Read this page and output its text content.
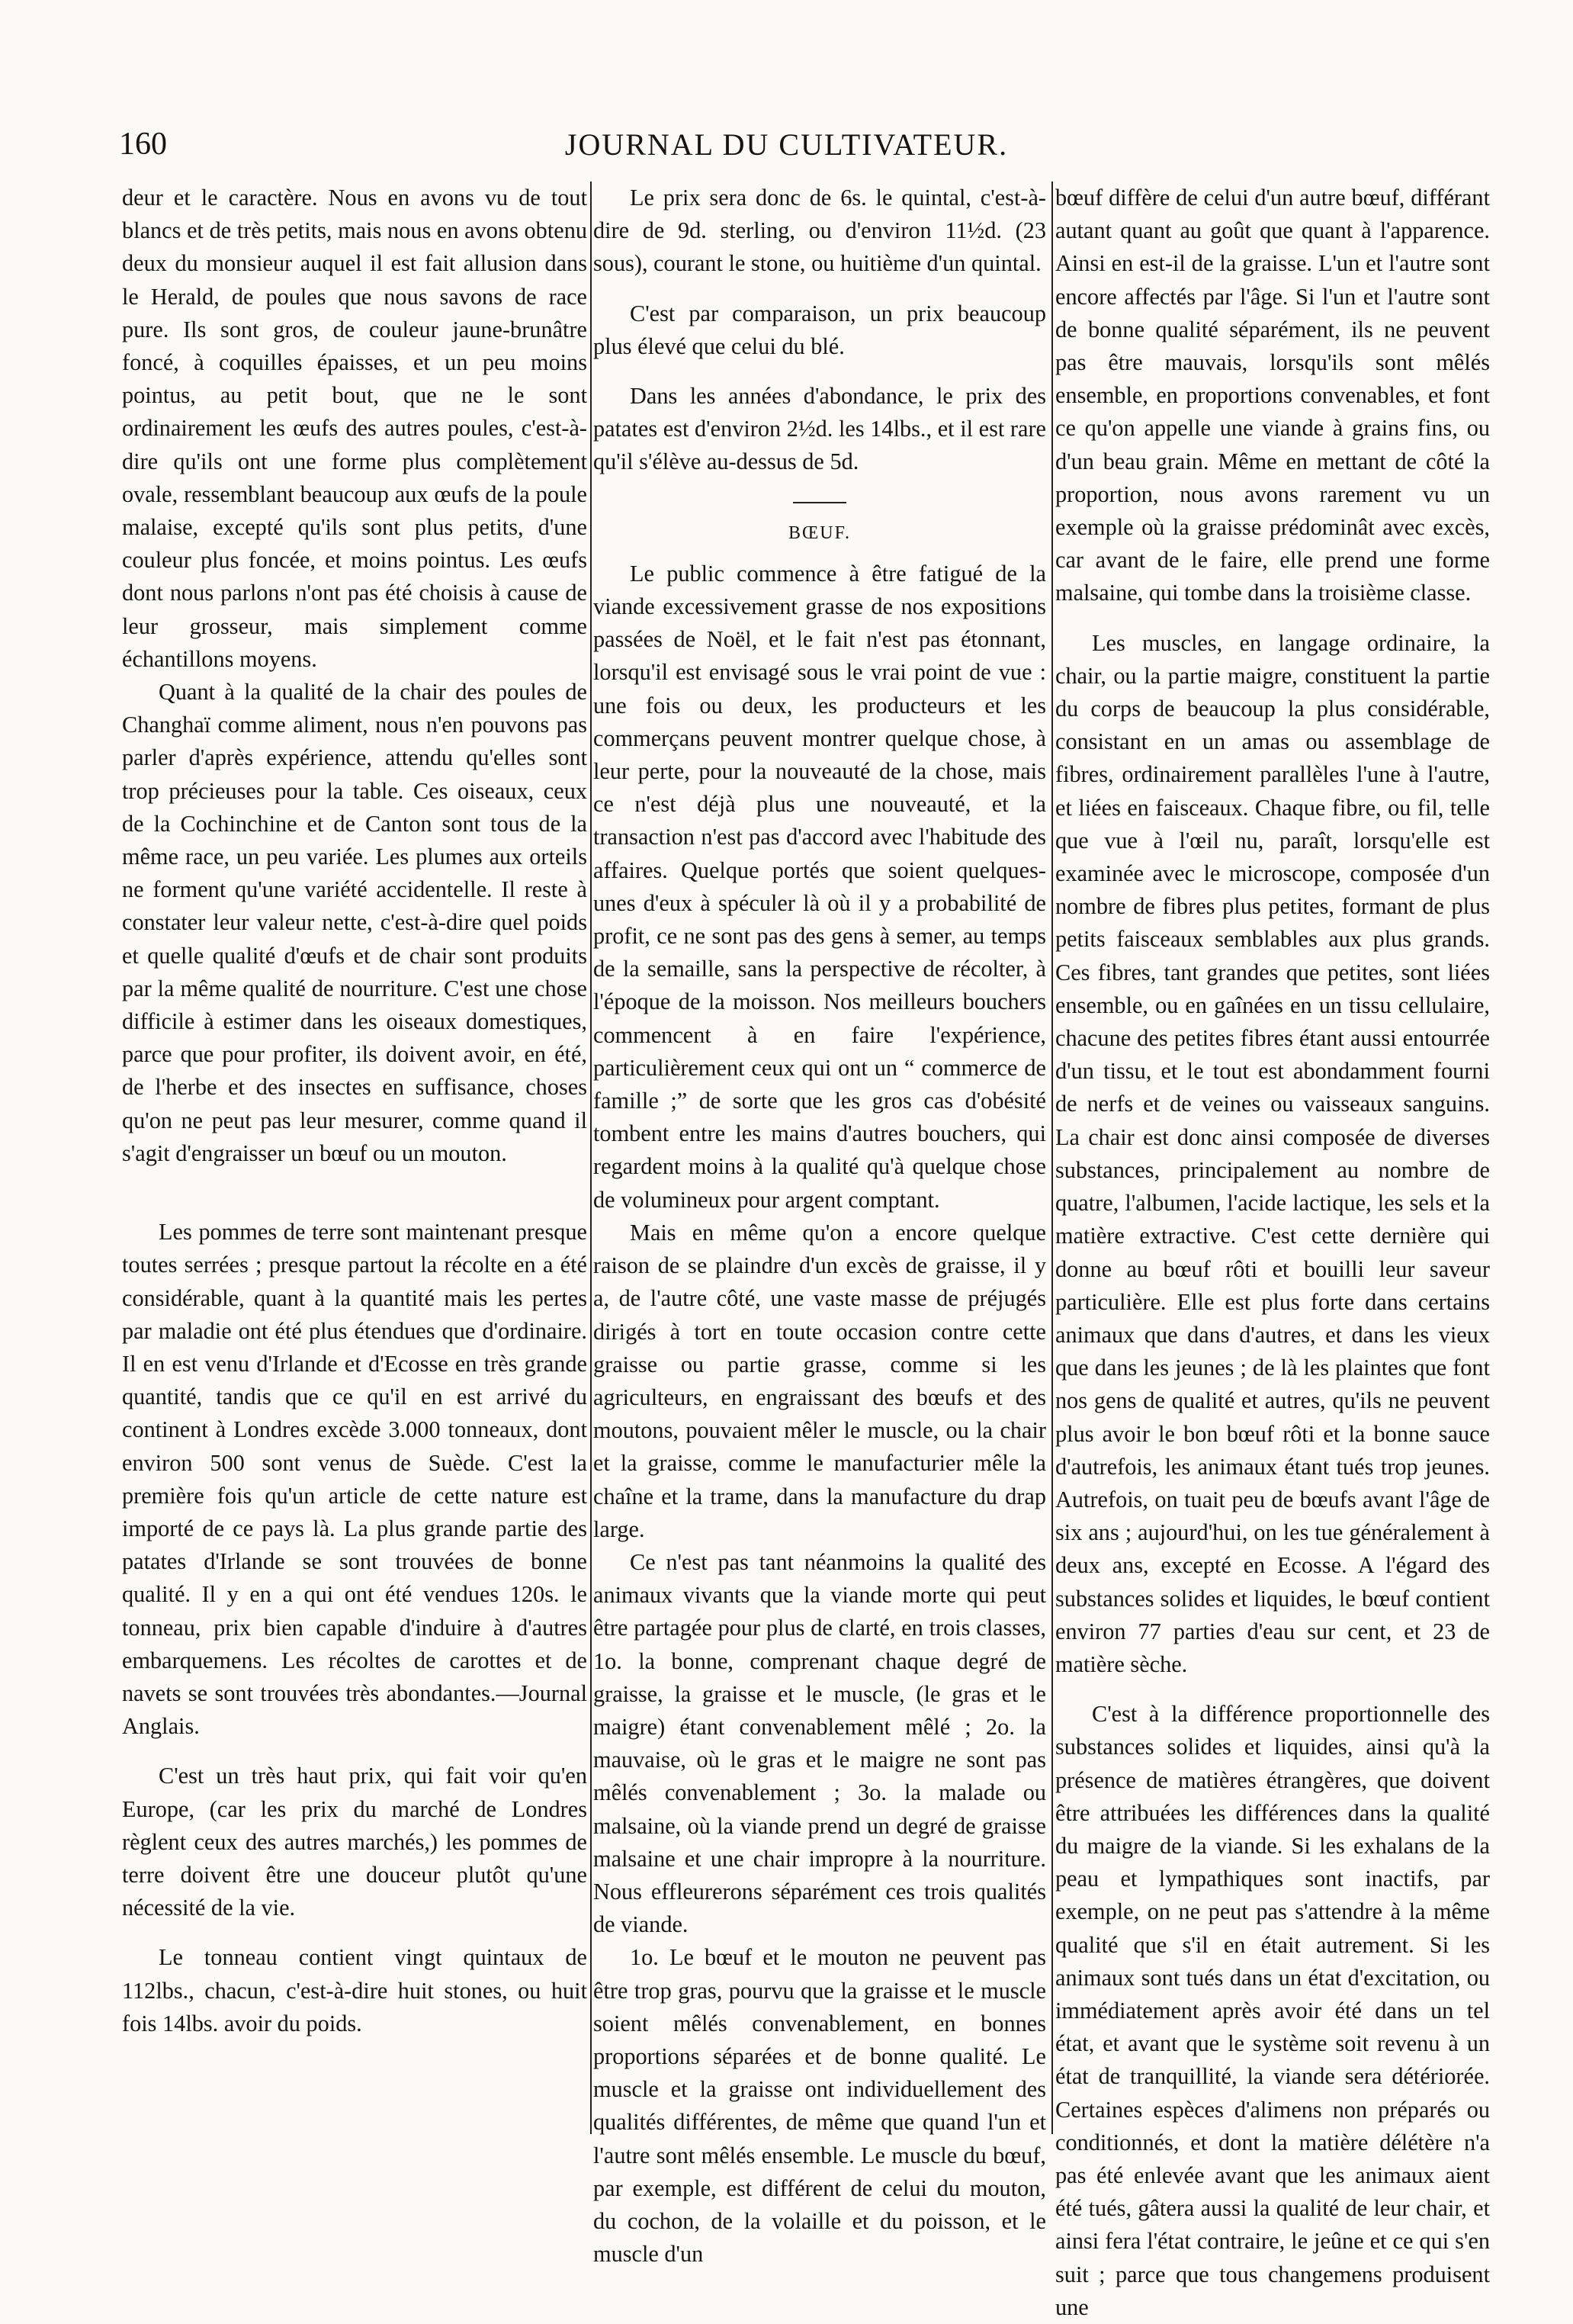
160	JOURNAL DU CULTIVATEUR.

deur et le caractère. Nous en avons vu de tout blancs et de très petits, mais nous en avons obtenu deux du monsieur auquel il est fait allusion dans le Herald, de poules que nous savons de race pure. Ils sont gros, de couleur jaune-brunâtre foncé, à coquilles épaisses, et un peu moins pointus, au petit bout, que ne le sont ordinairement les œufs des autres poules, c'est-à-dire qu'ils ont une forme plus complètement ovale, ressemblant beaucoup aux œufs de la poule malaise, excepté qu'ils sont plus petits, d'une couleur plus foncée, et moins pointus. Les œufs dont nous parlons n'ont pas été choisis à cause de leur grosseur, mais simplement comme échantillons moyens.

Quant à la qualité de la chair des poules de Changhaï comme aliment, nous n'en pouvons pas parler d'après expérience, attendu qu'elles sont trop précieuses pour la table. Ces oiseaux, ceux de la Cochinchine et de Canton sont tous de la même race, un peu variée. Les plumes aux orteils ne forment qu'une variété accidentelle. Il reste à constater leur valeur nette, c'est-à-dire quel poids et quelle qualité d'œufs et de chair sont produits par la même qualité de nourriture. C'est une chose difficile à estimer dans les oiseaux domestiques, parce que pour profiter, ils doivent avoir, en été, de l'herbe et des insectes en suffisance, choses qu'on ne peut pas leur mesurer, comme quand il s'agit d'engraisser un bœuf ou un mouton.

Les pommes de terre sont maintenant presque toutes serrées ; presque partout la récolte en a été considérable, quant à la quantité mais les pertes par maladie ont été plus étendues que d'ordinaire. Il en est venu d'Irlande et d'Ecosse en très grande quantité, tandis que ce qu'il en est arrivé du continent à Londres excède 3.000 tonneaux, dont environ 500 sont venus de Suède. C'est la première fois qu'un article de cette nature est importé de ce pays là. La plus grande partie des patates d'Irlande se sont trouvées de bonne qualité. Il y en a qui ont été vendues 120s. le tonneau, prix bien capable d'induire à d'autres embarquemens. Les récoltes de carottes et de navets se sont trouvées très abondantes.—Journal Anglais.

C'est un très haut prix, qui fait voir qu'en Europe, (car les prix du marché de Londres règlent ceux des autres marchés,) les pommes de terre doivent être une douceur plutôt qu'une nécessité de la vie.

Le tonneau contient vingt quintaux de 112lbs., chacun, c'est-à-dire huit stones, ou huit fois 14lbs. avoir du poids.

Le prix sera donc de 6s. le quintal, c'est-à-dire de 9d. sterling, ou d'environ 11½d. (23 sous), courant le stone, ou huitième d'un quintal.

C'est par comparaison, un prix beaucoup plus élevé que celui du blé.

Dans les années d'abondance, le prix des patates est d'environ 2½d. les 14lbs., et il est rare qu'il s'élève au-dessus de 5d.

BŒUF.

Le public commence à être fatigué de la viande excessivement grasse de nos expositions passées de Noël, et le fait n'est pas étonnant, lorsqu'il est envisagé sous le vrai point de vue : une fois ou deux, les producteurs et les commerçans peuvent montrer quelque chose, à leur perte, pour la nouveauté de la chose, mais ce n'est déjà plus une nouveauté, et la transaction n'est pas d'accord avec l'habitude des affaires. Quelque portés que soient quelques-unes d'eux à spéculer là où il y a probabilité de profit, ce ne sont pas des gens à semer, au temps de la semaille, sans la perspective de récolter, à l'époque de la moisson. Nos meilleurs bouchers commencent à en faire l'expérience, particulièrement ceux qui ont un “ commerce de famille ;” de sorte que les gros cas d'obésité tombent entre les mains d'autres bouchers, qui regardent moins à la qualité qu'à quelque chose de volumineux pour argent comptant.

Mais en même qu'on a encore quelque raison de se plaindre d'un excès de graisse, il y a, de l'autre côté, une vaste masse de préjugés dirigés à tort en toute occasion contre cette graisse ou partie grasse, comme si les agriculteurs, en engraissant des bœufs et des moutons, pouvaient mêler le muscle, ou la chair et la graisse, comme le manufacturier mêle la chaîne et la trame, dans la manufacture du drap large.

Ce n'est pas tant néanmoins la qualité des animaux vivants que la viande morte qui peut être partagée pour plus de clarté, en trois classes, 1o. la bonne, comprenant chaque degré de graisse, la graisse et le muscle, (le gras et le maigre) étant convenablement mêlé ; 2o. la mauvaise, où le gras et le maigre ne sont pas mêlés convenablement ; 3o. la malade ou malsaine, où la viande prend un degré de graisse malsaine et une chair impropre à la nourriture. Nous effleurerons séparément ces trois qualités de viande.

1o. Le bœuf et le mouton ne peuvent pas être trop gras, pourvu que la graisse et le muscle soient mêlés convenablement, en bonnes proportions séparées et de bonne qualité. Le muscle et la graisse ont individuellement des qualités différentes, de même que quand l'un et l'autre sont mêlés ensemble. Le muscle du bœuf, par exemple, est différent de celui du mouton, du cochon, de la volaille et du poisson, et le muscle d'un

bœuf diffère de celui d'un autre bœuf, différant autant quant au goût que quant à l'apparence. Ainsi en est-il de la graisse. L'un et l'autre sont encore affectés par l'âge. Si l'un et l'autre sont de bonne qualité séparément, ils ne peuvent pas être mauvais, lorsqu'ils sont mêlés ensemble, en proportions convenables, et font ce qu'on appelle une viande à grains fins, ou d'un beau grain. Même en mettant de côté la proportion, nous avons rarement vu un exemple où la graisse prédominât avec excès, car avant de le faire, elle prend une forme malsaine, qui tombe dans la troisième classe.

Les muscles, en langage ordinaire, la chair, ou la partie maigre, constituent la partie du corps de beaucoup la plus considérable, consistant en un amas ou assemblage de fibres, ordinairement parallèles l'une à l'autre, et liées en faisceaux. Chaque fibre, ou fil, telle que vue à l'œil nu, paraît, lorsqu'elle est examinée avec le microscope, composée d'un nombre de fibres plus petites, formant de plus petits faisceaux semblables aux plus grands. Ces fibres, tant grandes que petites, sont liées ensemble, ou en gaînées en un tissu cellulaire, chacune des petites fibres étant aussi entourrée d'un tissu, et le tout est abondamment fourni de nerfs et de veines ou vaisseaux sanguins. La chair est donc ainsi composée de diverses substances, principalement au nombre de quatre, l'albumen, l'acide lactique, les sels et la matière extractive. C'est cette dernière qui donne au bœuf rôti et bouilli leur saveur particulière. Elle est plus forte dans certains animaux que dans d'autres, et dans les vieux que dans les jeunes ; de là les plaintes que font nos gens de qualité et autres, qu'ils ne peuvent plus avoir le bon bœuf rôti et la bonne sauce d'autrefois, les animaux étant tués trop jeunes. Autrefois, on tuait peu de bœufs avant l'âge de six ans ; aujourd'hui, on les tue généralement à deux ans, excepté en Ecosse. A l'égard des substances solides et liquides, le bœuf contient environ 77 parties d'eau sur cent, et 23 de matière sèche.

C'est à la différence proportionnelle des substances solides et liquides, ainsi qu'à la présence de matières étrangères, que doivent être attribuées les différences dans la qualité du maigre de la viande. Si les exhalans de la peau et lympathiques sont inactifs, par exemple, on ne peut pas s'attendre à la même qualité que s'il en était autrement. Si les animaux sont tués dans un état d'excitation, ou immédiatement après avoir été dans un tel état, et avant que le système soit revenu à un état de tranquillité, la viande sera détériorée. Certaines espèces d'alimens non préparés ou conditionnés, et dont la matière délétère n'a pas été enlevée avant que les animaux aient été tués, gâtera aussi la qualité de leur chair, et ainsi fera l'état contraire, le jeûne et ce qui s'en suit ; parce que tous changemens produisent une
